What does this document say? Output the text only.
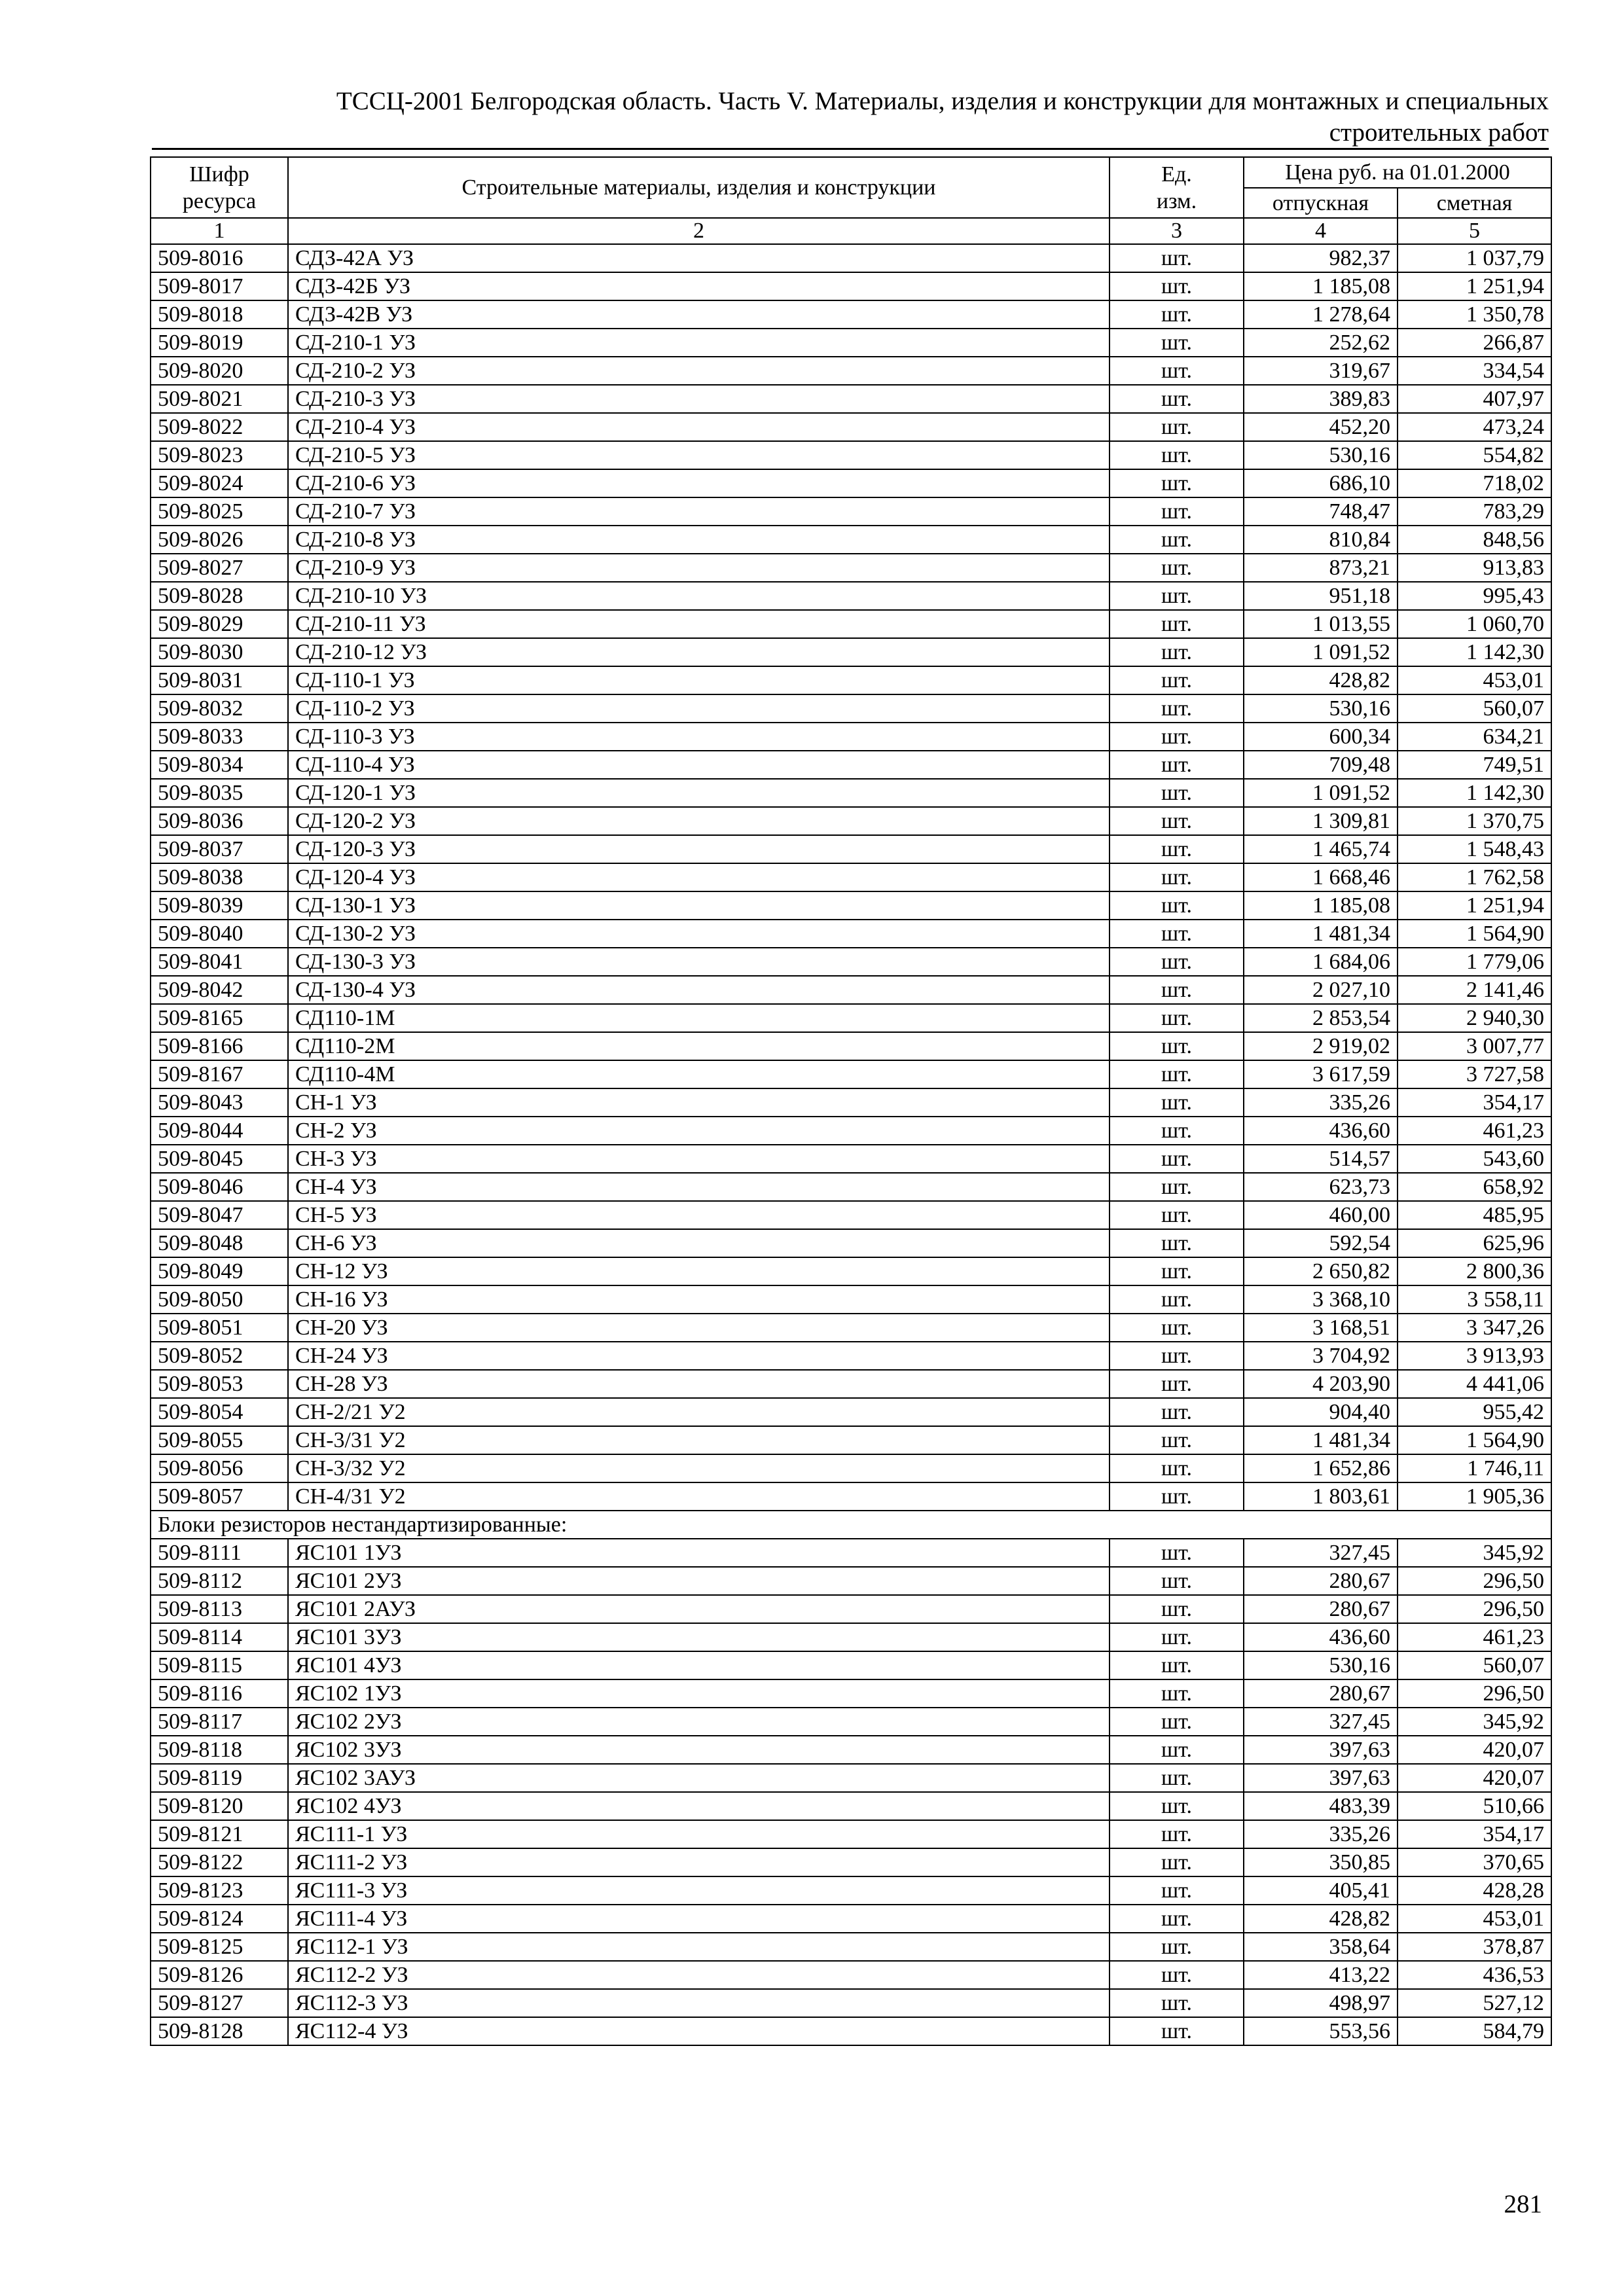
ТССЦ-2001 Белгородская область. Часть V. Материалы, изделия и конструкции для монтажных и специальных
строительных работ
Шифр ресурса	Строительные материалы, изделия и конструкции	Ед. изм.	Цена руб. на 01.01.2000	
			отпускная	сметная
1	2	3	4	5
509-8016	СДЗ-42А УЗ	шт.	982,37	1 037,79
509-8017	СДЗ-42Б УЗ	шт.	1 185,08	1 251,94
509-8018	СДЗ-42В УЗ	шт.	1 278,64	1 350,78
509-8019	СД-210-1 УЗ	шт.	252,62	266,87
509-8020	СД-210-2 УЗ	шт.	319,67	334,54
509-8021	СД-210-3 УЗ	шт.	389,83	407,97
509-8022	СД-210-4 УЗ	шт.	452,20	473,24
509-8023	СД-210-5 УЗ	шт.	530,16	554,82
509-8024	СД-210-6 УЗ	шт.	686,10	718,02
509-8025	СД-210-7 УЗ	шт.	748,47	783,29
509-8026	СД-210-8 УЗ	шт.	810,84	848,56
509-8027	СД-210-9 УЗ	шт.	873,21	913,83
509-8028	СД-210-10 УЗ	шт.	951,18	995,43
509-8029	СД-210-11 УЗ	шт.	1 013,55	1 060,70
509-8030	СД-210-12 УЗ	шт.	1 091,52	1 142,30
509-8031	СД-110-1 УЗ	шт.	428,82	453,01
509-8032	СД-110-2 УЗ	шт.	530,16	560,07
509-8033	СД-110-3 УЗ	шт.	600,34	634,21
509-8034	СД-110-4 УЗ	шт.	709,48	749,51
509-8035	СД-120-1 УЗ	шт.	1 091,52	1 142,30
509-8036	СД-120-2 УЗ	шт.	1 309,81	1 370,75
509-8037	СД-120-3 УЗ	шт.	1 465,74	1 548,43
509-8038	СД-120-4 УЗ	шт.	1 668,46	1 762,58
509-8039	СД-130-1 УЗ	шт.	1 185,08	1 251,94
509-8040	СД-130-2 УЗ	шт.	1 481,34	1 564,90
509-8041	СД-130-3 УЗ	шт.	1 684,06	1 779,06
509-8042	СД-130-4 УЗ	шт.	2 027,10	2 141,46
509-8165	СД110-1М	шт.	2 853,54	2 940,30
509-8166	СД110-2М	шт.	2 919,02	3 007,77
509-8167	СД110-4М	шт.	3 617,59	3 727,58
509-8043	СН-1 УЗ	шт.	335,26	354,17
509-8044	СН-2 УЗ	шт.	436,60	461,23
509-8045	СН-3 УЗ	шт.	514,57	543,60
509-8046	СН-4 УЗ	шт.	623,73	658,92
509-8047	СН-5 УЗ	шт.	460,00	485,95
509-8048	СН-6 УЗ	шт.	592,54	625,96
509-8049	СН-12 УЗ	шт.	2 650,82	2 800,36
509-8050	СН-16 УЗ	шт.	3 368,10	3 558,11
509-8051	СН-20 УЗ	шт.	3 168,51	3 347,26
509-8052	СН-24 УЗ	шт.	3 704,92	3 913,93
509-8053	СН-28 УЗ	шт.	4 203,90	4 441,06
509-8054	СН-2/21 У2	шт.	904,40	955,42
509-8055	СН-3/31 У2	шт.	1 481,34	1 564,90
509-8056	СН-3/32 У2	шт.	1 652,86	1 746,11
509-8057	СН-4/31 У2	шт.	1 803,61	1 905,36
Блоки резисторов нестандартизированные:				
509-8111	ЯС101 1УЗ	шт.	327,45	345,92
509-8112	ЯС101 2УЗ	шт.	280,67	296,50
509-8113	ЯС101 2АУЗ	шт.	280,67	296,50
509-8114	ЯС101 3УЗ	шт.	436,60	461,23
509-8115	ЯС101 4УЗ	шт.	530,16	560,07
509-8116	ЯС102 1УЗ	шт.	280,67	296,50
509-8117	ЯС102 2УЗ	шт.	327,45	345,92
509-8118	ЯС102 3УЗ	шт.	397,63	420,07
509-8119	ЯС102 3АУЗ	шт.	397,63	420,07
509-8120	ЯС102 4УЗ	шт.	483,39	510,66
509-8121	ЯС111-1 УЗ	шт.	335,26	354,17
509-8122	ЯС111-2 УЗ	шт.	350,85	370,65
509-8123	ЯС111-3 УЗ	шт.	405,41	428,28
509-8124	ЯС111-4 УЗ	шт.	428,82	453,01
509-8125	ЯС112-1 УЗ	шт.	358,64	378,87
509-8126	ЯС112-2 УЗ	шт.	413,22	436,53
509-8127	ЯС112-3 УЗ	шт.	498,97	527,12
509-8128	ЯС112-4 УЗ	шт.	553,56	584,79
281
